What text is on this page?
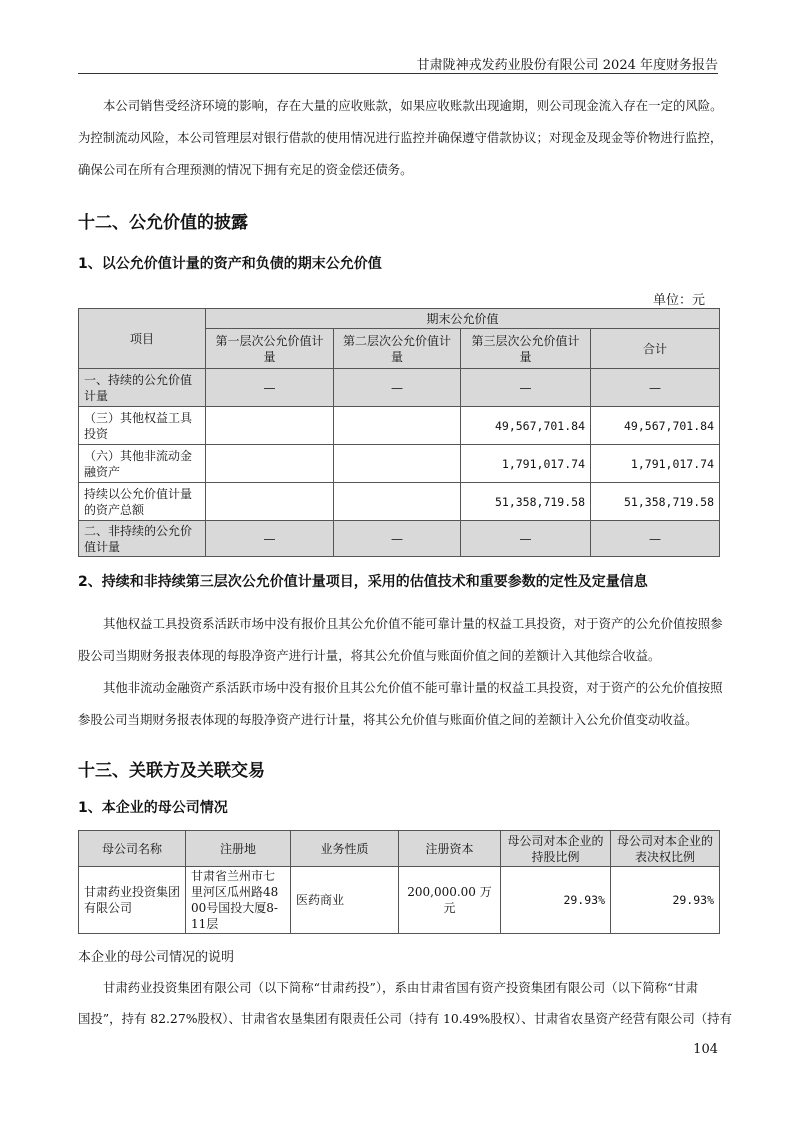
甘肃陇神戎发药业股份有限公司 2024 年度财务报告
本公司销售受经济环境的影响，存在大量的应收账款，如果应收账款出现逾期，则公司现金流入存在一定的风险。
为控制流动风险，本公司管理层对银行借款的使用情况进行监控并确保遵守借款协议；对现金及现金等价物进行监控，
确保公司在所有合理预测的情况下拥有充足的资金偿还债务。
十二、公允价值的披露
1、以公允价值计量的资产和负债的期末公允价值
单位：元
项目	期末公允价值			
	第一层次公允价值计量	第二层次公允价值计量	第三层次公允价值计量	合计
一、持续的公允价值计量	—	—	—	—
（三）其他权益工具投资			49,567,701.84	49,567,701.84
（六）其他非流动金融资产			1,791,017.74	1,791,017.74
持续以公允价值计量的资产总额			51,358,719.58	51,358,719.58
二、非持续的公允价值计量	—	—	—	—
2、持续和非持续第三层次公允价值计量项目，采用的估值技术和重要参数的定性及定量信息
其他权益工具投资系活跃市场中没有报价且其公允价值不能可靠计量的权益工具投资，对于资产的公允价值按照参
股公司当期财务报表体现的每股净资产进行计量，将其公允价值与账面价值之间的差额计入其他综合收益。
其他非流动金融资产系活跃市场中没有报价且其公允价值不能可靠计量的权益工具投资，对于资产的公允价值按照
参股公司当期财务报表体现的每股净资产进行计量，将其公允价值与账面价值之间的差额计入公允价值变动收益。
十三、关联方及关联交易
1、本企业的母公司情况
母公司名称	注册地	业务性质	注册资本	母公司对本企业的持股比例	母公司对本企业的表决权比例
甘肃药业投资集团有限公司	甘肃省兰州市七里河区瓜州路4800号国投大厦8-11层	医药商业	200,000.00 万元	29.93%	29.93%
本企业的母公司情况的说明
甘肃药业投资集团有限公司（以下简称“甘肃药投”），系由甘肃省国有资产投资集团有限公司（以下简称“甘肃
国投”，持有 82.27%股权）、甘肃省农垦集团有限责任公司（持有 10.49%股权）、甘肃省农垦资产经营有限公司（持有
104
